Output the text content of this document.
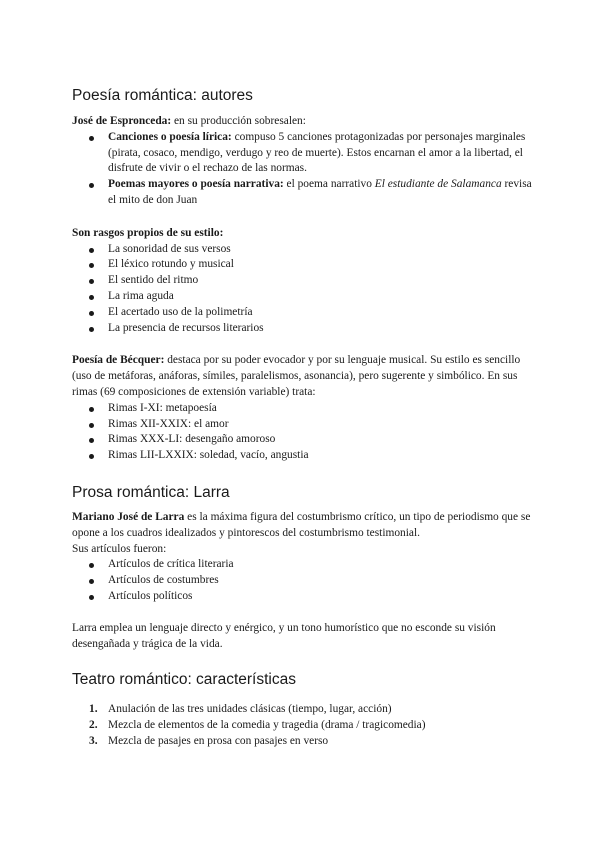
Poesía romántica: autores

José de Espronceda: en su producción sobresalen:

Canciones o poesía lírica: compuso 5 canciones protagonizadas por personajes marginales (pirata, cosaco, mendigo, verdugo y reo de muerte). Estos encarnan el amor a la libertad, el disfrute de vivir o el rechazo de las normas.
Poemas mayores o poesía narrativa: el poema narrativo El estudiante de Salamanca revisa el mito de don Juan

Son rasgos propios de su estilo:

La sonoridad de sus versos
El léxico rotundo y musical
El sentido del ritmo
La rima aguda
El acertado uso de la polimetría
La presencia de recursos literarios

Poesía de Bécquer: destaca por su poder evocador y por su lenguaje musical. Su estilo es sencillo (uso de metáforas, anáforas, símiles, paralelismos, asonancia), pero sugerente y simbólico. En sus rimas (69 composiciones de extensión variable) trata:

Rimas I-XI: metapoesía
Rimas XII-XXIX: el amor
Rimas XXX-LI: desengaño amoroso
Rimas LII-LXXIX: soledad, vacío, angustia
Prosa romántica: Larra

Mariano José de Larra es la máxima figura del costumbrismo crítico, un tipo de periodismo que se opone a los cuadros idealizados y pintorescos del costumbrismo testimonial.

Sus artículos fueron:

Artículos de crítica literaria
Artículos de costumbres
Artículos políticos

Larra emplea un lenguaje directo y enérgico, y un tono humorístico que no esconde su visión desengañada y trágica de la vida.

Teatro romántico: características
1. Anulación de las tres unidades clásicas (tiempo, lugar, acción)
2. Mezcla de elementos de la comedia y tragedia (drama / tragicomedia)
3. Mezcla de pasajes en prosa con pasajes en verso
